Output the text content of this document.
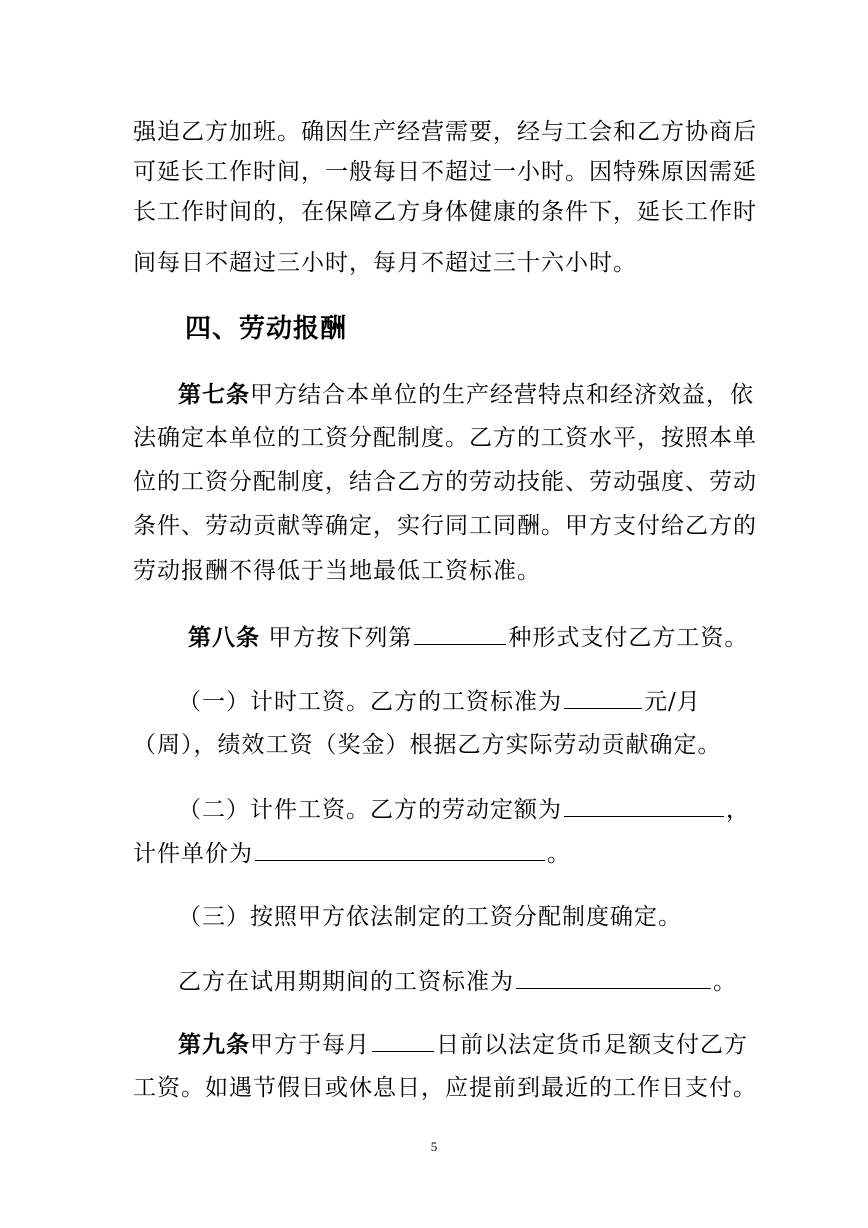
强迫乙方加班。确因生产经营需要，经与工会和乙方协商后
可延长工作时间，一般每日不超过一小时。因特殊原因需延
长工作时间的，在保障乙方身体健康的条件下，延长工作时
间每日不超过三小时，每月不超过三十六小时。
四、劳动报酬
第七条甲方结合本单位的生产经营特点和经济效益，依
法确定本单位的工资分配制度。乙方的工资水平，按照本单
位的工资分配制度，结合乙方的劳动技能、劳动强度、劳动
条件、劳动贡献等确定，实行同工同酬。甲方支付给乙方的
劳动报酬不得低于当地最低工资标准。
第八条 甲方按下列第	种形式支付乙方工资。
（一）计时工资。乙方的工资标准为	元/月
（周），绩效工资（奖金）根据乙方实际劳动贡献确定。
（二）计件工资。乙方的劳动定额为	，
计件单价为	。
（三）按照甲方依法制定的工资分配制度确定。
乙方在试用期期间的工资标准为	。
第九条甲方于每月	日前以法定货币足额支付乙方
工资。如遇节假日或休息日，应提前到最近的工作日支付。
5
